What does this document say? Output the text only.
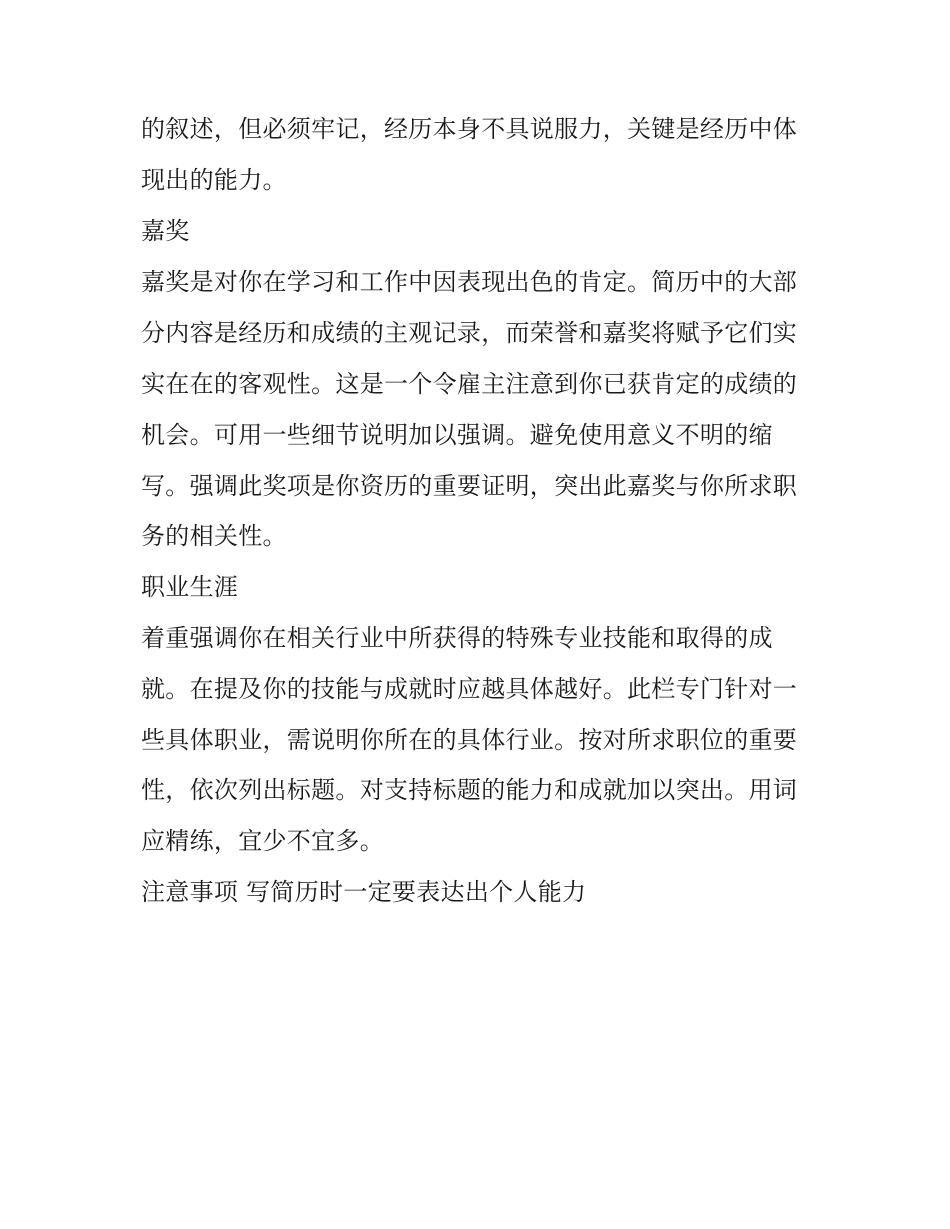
的叙述，但必须牢记，经历本身不具说服力，关键是经历中体
现出的能力。
嘉奖
嘉奖是对你在学习和工作中因表现出色的肯定。简历中的大部
分内容是经历和成绩的主观记录，而荣誉和嘉奖将赋予它们实
实在在的客观性。这是一个令雇主注意到你已获肯定的成绩的
机会。可用一些细节说明加以强调。避免使用意义不明的缩
写。强调此奖项是你资历的重要证明，突出此嘉奖与你所求职
务的相关性。
职业生涯
着重强调你在相关行业中所获得的特殊专业技能和取得的成
就。在提及你的技能与成就时应越具体越好。此栏专门针对一
些具体职业，需说明你所在的具体行业。按对所求职位的重要
性，依次列出标题。对支持标题的能力和成就加以突出。用词
应精练，宜少不宜多。
注意事项 写简历时一定要表达出个人能力
